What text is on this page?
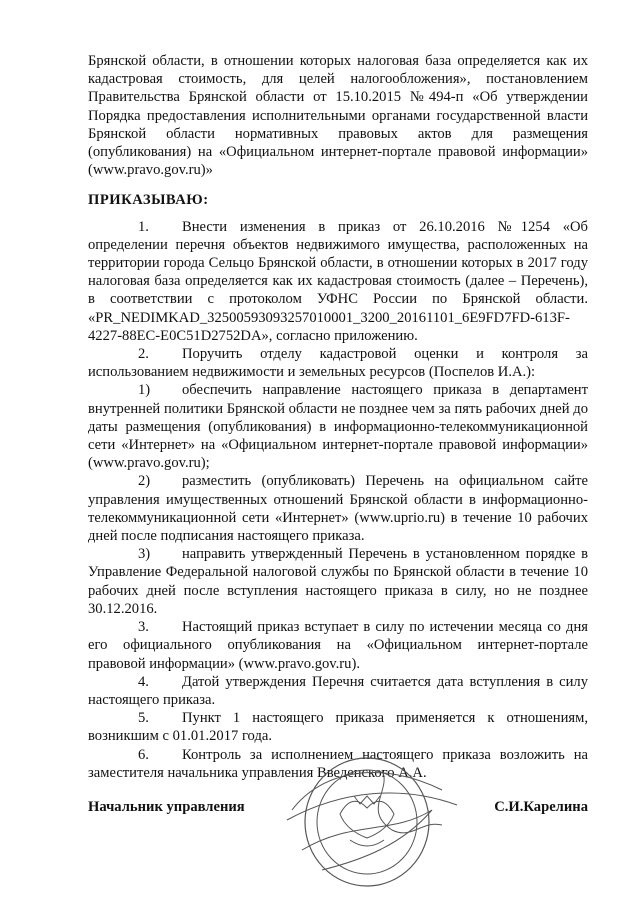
Брянской области, в отношении которых налоговая база определяется как их кадастровая стоимость, для целей налогообложения», постановлением Правительства Брянской области от 15.10.2015 №494-п «Об утверждении Порядка предоставления исполнительными органами государственной власти Брянской области нормативных правовых актов для размещения (опубликования) на «Официальном интернет-портале правовой информации» (www.pravo.gov.ru)»

ПРИКАЗЫВАЮ:

1. Внести изменения в приказ от 26.10.2016 №1254 «Об определении перечня объектов недвижимого имущества, расположенных на территории города Сельцо Брянской области, в отношении которых в 2017 году налоговая база определяется как их кадастровая стоимость (далее – Перечень), в соответствии с протоколом УФНС России по Брянской области. «PR_NEDIMKAD_32500593093257010001_3200_20161101_6E9FD7FD-613F-4227-88EC-E0C51D2752DA», согласно приложению.

2. Поручить отделу кадастровой оценки и контроля за использованием недвижимости и земельных ресурсов (Поспелов И.А.):

1) обеспечить направление настоящего приказа в департамент внутренней политики Брянской области не позднее чем за пять рабочих дней до даты размещения (опубликования) в информационно-телекоммуникационной сети «Интернет» на «Официальном интернет-портале правовой информации» (www.pravo.gov.ru);

2) разместить (опубликовать) Перечень на официальном сайте управления имущественных отношений Брянской области в информационно-телекоммуникационной сети «Интернет» (www.uprio.ru) в течение 10 рабочих дней после подписания настоящего приказа.

3) направить утвержденный Перечень в установленном порядке в Управление Федеральной налоговой службы по Брянской области в течение 10 рабочих дней после вступления настоящего приказа в силу, но не позднее 30.12.2016.

3. Настоящий приказ вступает в силу по истечении месяца со дня его официального опубликования на «Официальном интернет-портале правовой информации» (www.pravo.gov.ru).

4. Датой утверждения Перечня считается дата вступления в силу настоящего приказа.

5. Пункт 1 настоящего приказа применяется к отношениям, возникшим с 01.01.2017 года.

6. Контроль за исполнением настоящего приказа возложить на заместителя начальника управления Введенского А.А.

Начальник управления	С.И.Карелина
